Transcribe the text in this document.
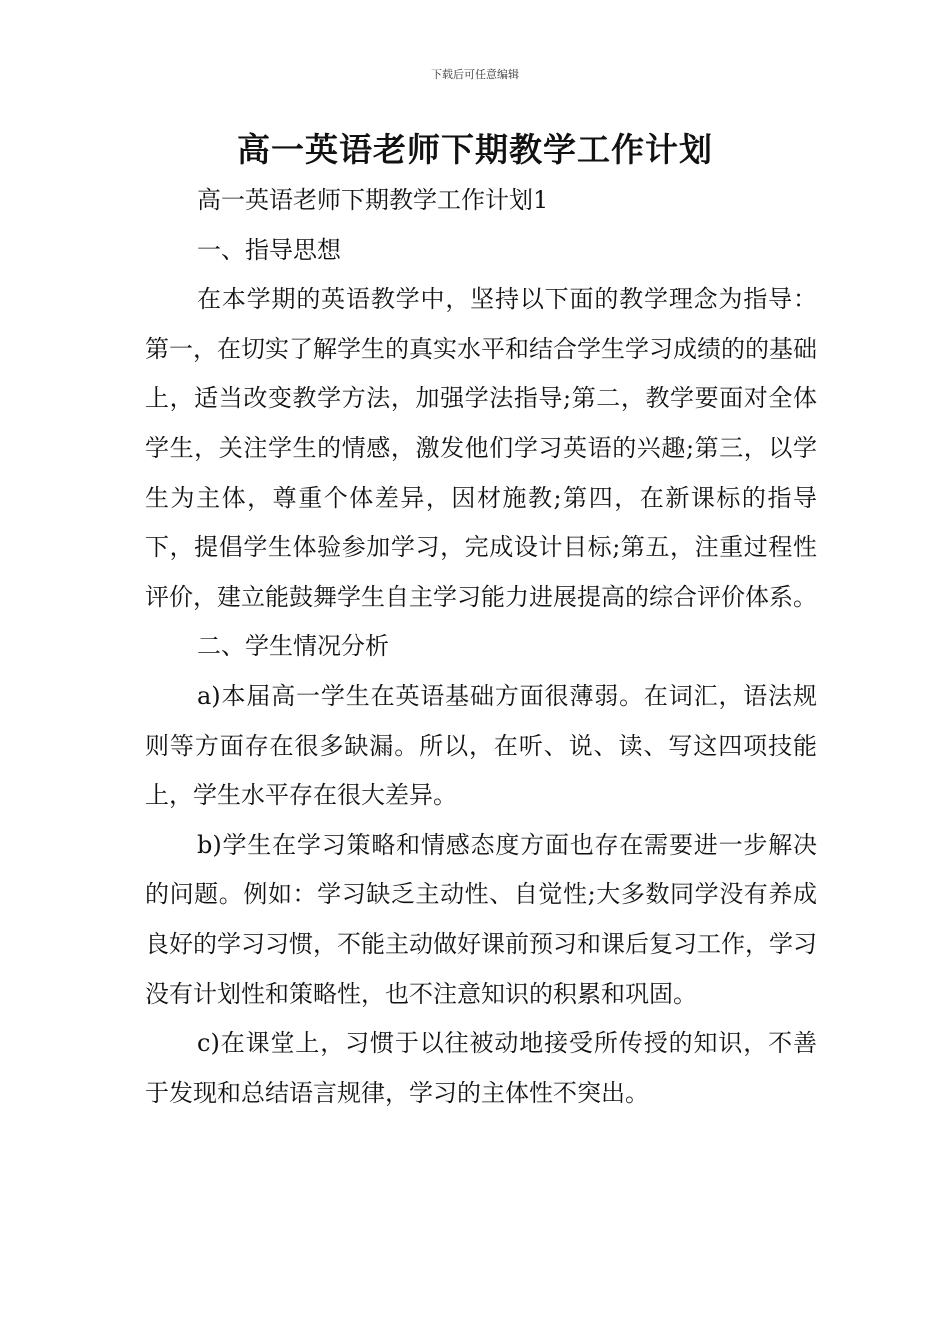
下载后可任意编辑
高一英语老师下期教学工作计划

高一英语老师下期教学工作计划1

一、指导思想

在本学期的英语教学中，坚持以下面的教学理念为指导：第一，在切实了解学生的真实水平和结合学生学习成绩的的基础上，适当改变教学方法，加强学法指导;第二，教学要面对全体学生，关注学生的情感，激发他们学习英语的兴趣;第三，以学生为主体，尊重个体差异，因材施教;第四，在新课标的指导下，提倡学生体验参加学习，完成设计目标;第五，注重过程性评价，建立能鼓舞学生自主学习能力进展提高的综合评价体系。

二、学生情况分析

a)本届高一学生在英语基础方面很薄弱。在词汇，语法规则等方面存在很多缺漏。所以，在听、说、读、写这四项技能上，学生水平存在很大差异。

b)学生在学习策略和情感态度方面也存在需要进一步解决的问题。例如：学习缺乏主动性、自觉性;大多数同学没有养成良好的学习习惯，不能主动做好课前预习和课后复习工作，学习没有计划性和策略性，也不注意知识的积累和巩固。

c)在课堂上，习惯于以往被动地接受所传授的知识，不善于发现和总结语言规律，学习的主体性不突出。
